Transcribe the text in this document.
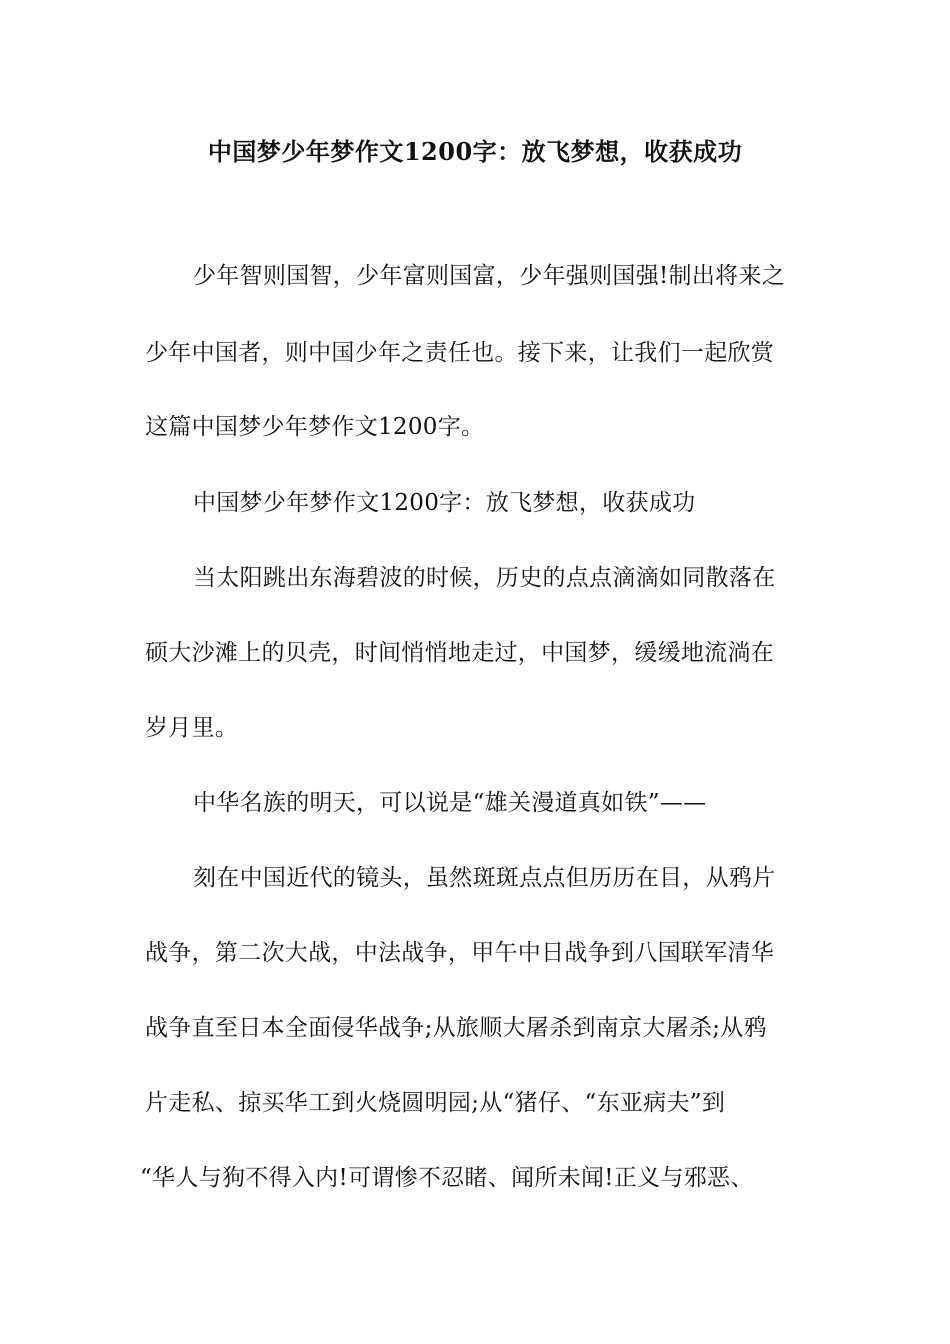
中国梦少年梦作文1200字：放飞梦想，收获成功
少年智则国智，少年富则国富，少年强则国强!制出将来之
少年中国者，则中国少年之责任也。接下来，让我们一起欣赏
这篇中国梦少年梦作文1200字。
中国梦少年梦作文1200字：放飞梦想，收获成功
当太阳跳出东海碧波的时候，历史的点点滴滴如同散落在
硕大沙滩上的贝壳，时间悄悄地走过，中国梦，缓缓地流淌在
岁月里。
中华名族的明天，可以说是“雄关漫道真如铁”——
刻在中国近代的镜头，虽然斑斑点点但历历在目，从鸦片
战争，第二次大战，中法战争，甲午中日战争到八国联军清华
战争直至日本全面侵华战争;从旅顺大屠杀到南京大屠杀;从鸦
片走私、掠买华工到火烧圆明园;从“猪仔、“东亚病夫”到
“华人与狗不得入内!可谓惨不忍睹、闻所未闻!正义与邪恶、
